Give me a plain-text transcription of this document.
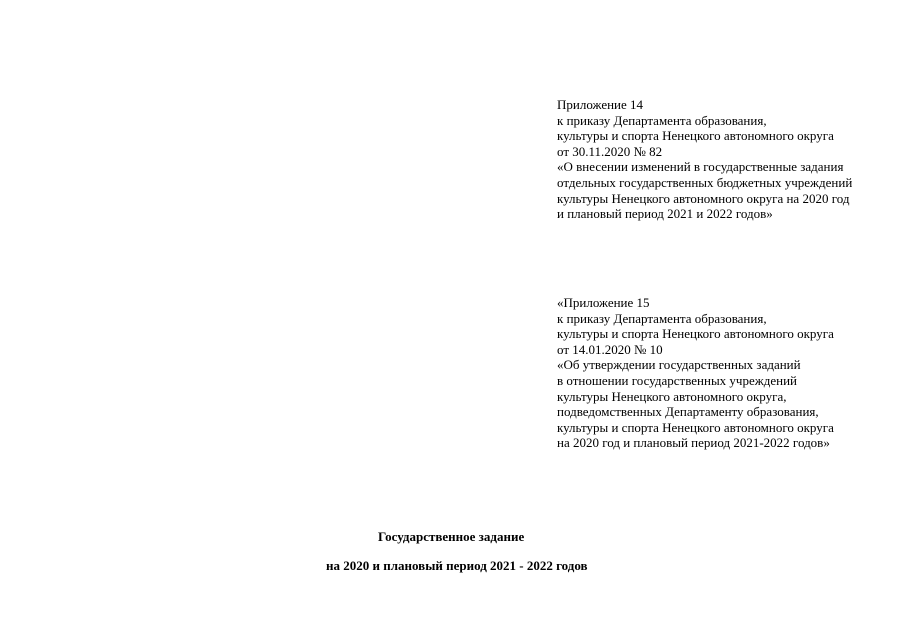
Приложение 14
к приказу Департамента образования,
культуры и спорта Ненецкого автономного округа
от 30.11.2020 № 82
«О внесении изменений в государственные задания
отдельных государственных бюджетных учреждений
культуры Ненецкого автономного округа на 2020 год
и плановый период 2021 и 2022 годов»
«Приложение 15
к приказу Департамента образования,
культуры и спорта Ненецкого автономного округа
от 14.01.2020 № 10
«Об утверждении государственных заданий
в отношении государственных учреждений
культуры Ненецкого автономного округа,
подведомственных Департаменту образования,
культуры и спорта Ненецкого автономного округа
на 2020 год и плановый период 2021-2022 годов»
Государственное задание
на 2020 и плановый период 2021 - 2022 годов
